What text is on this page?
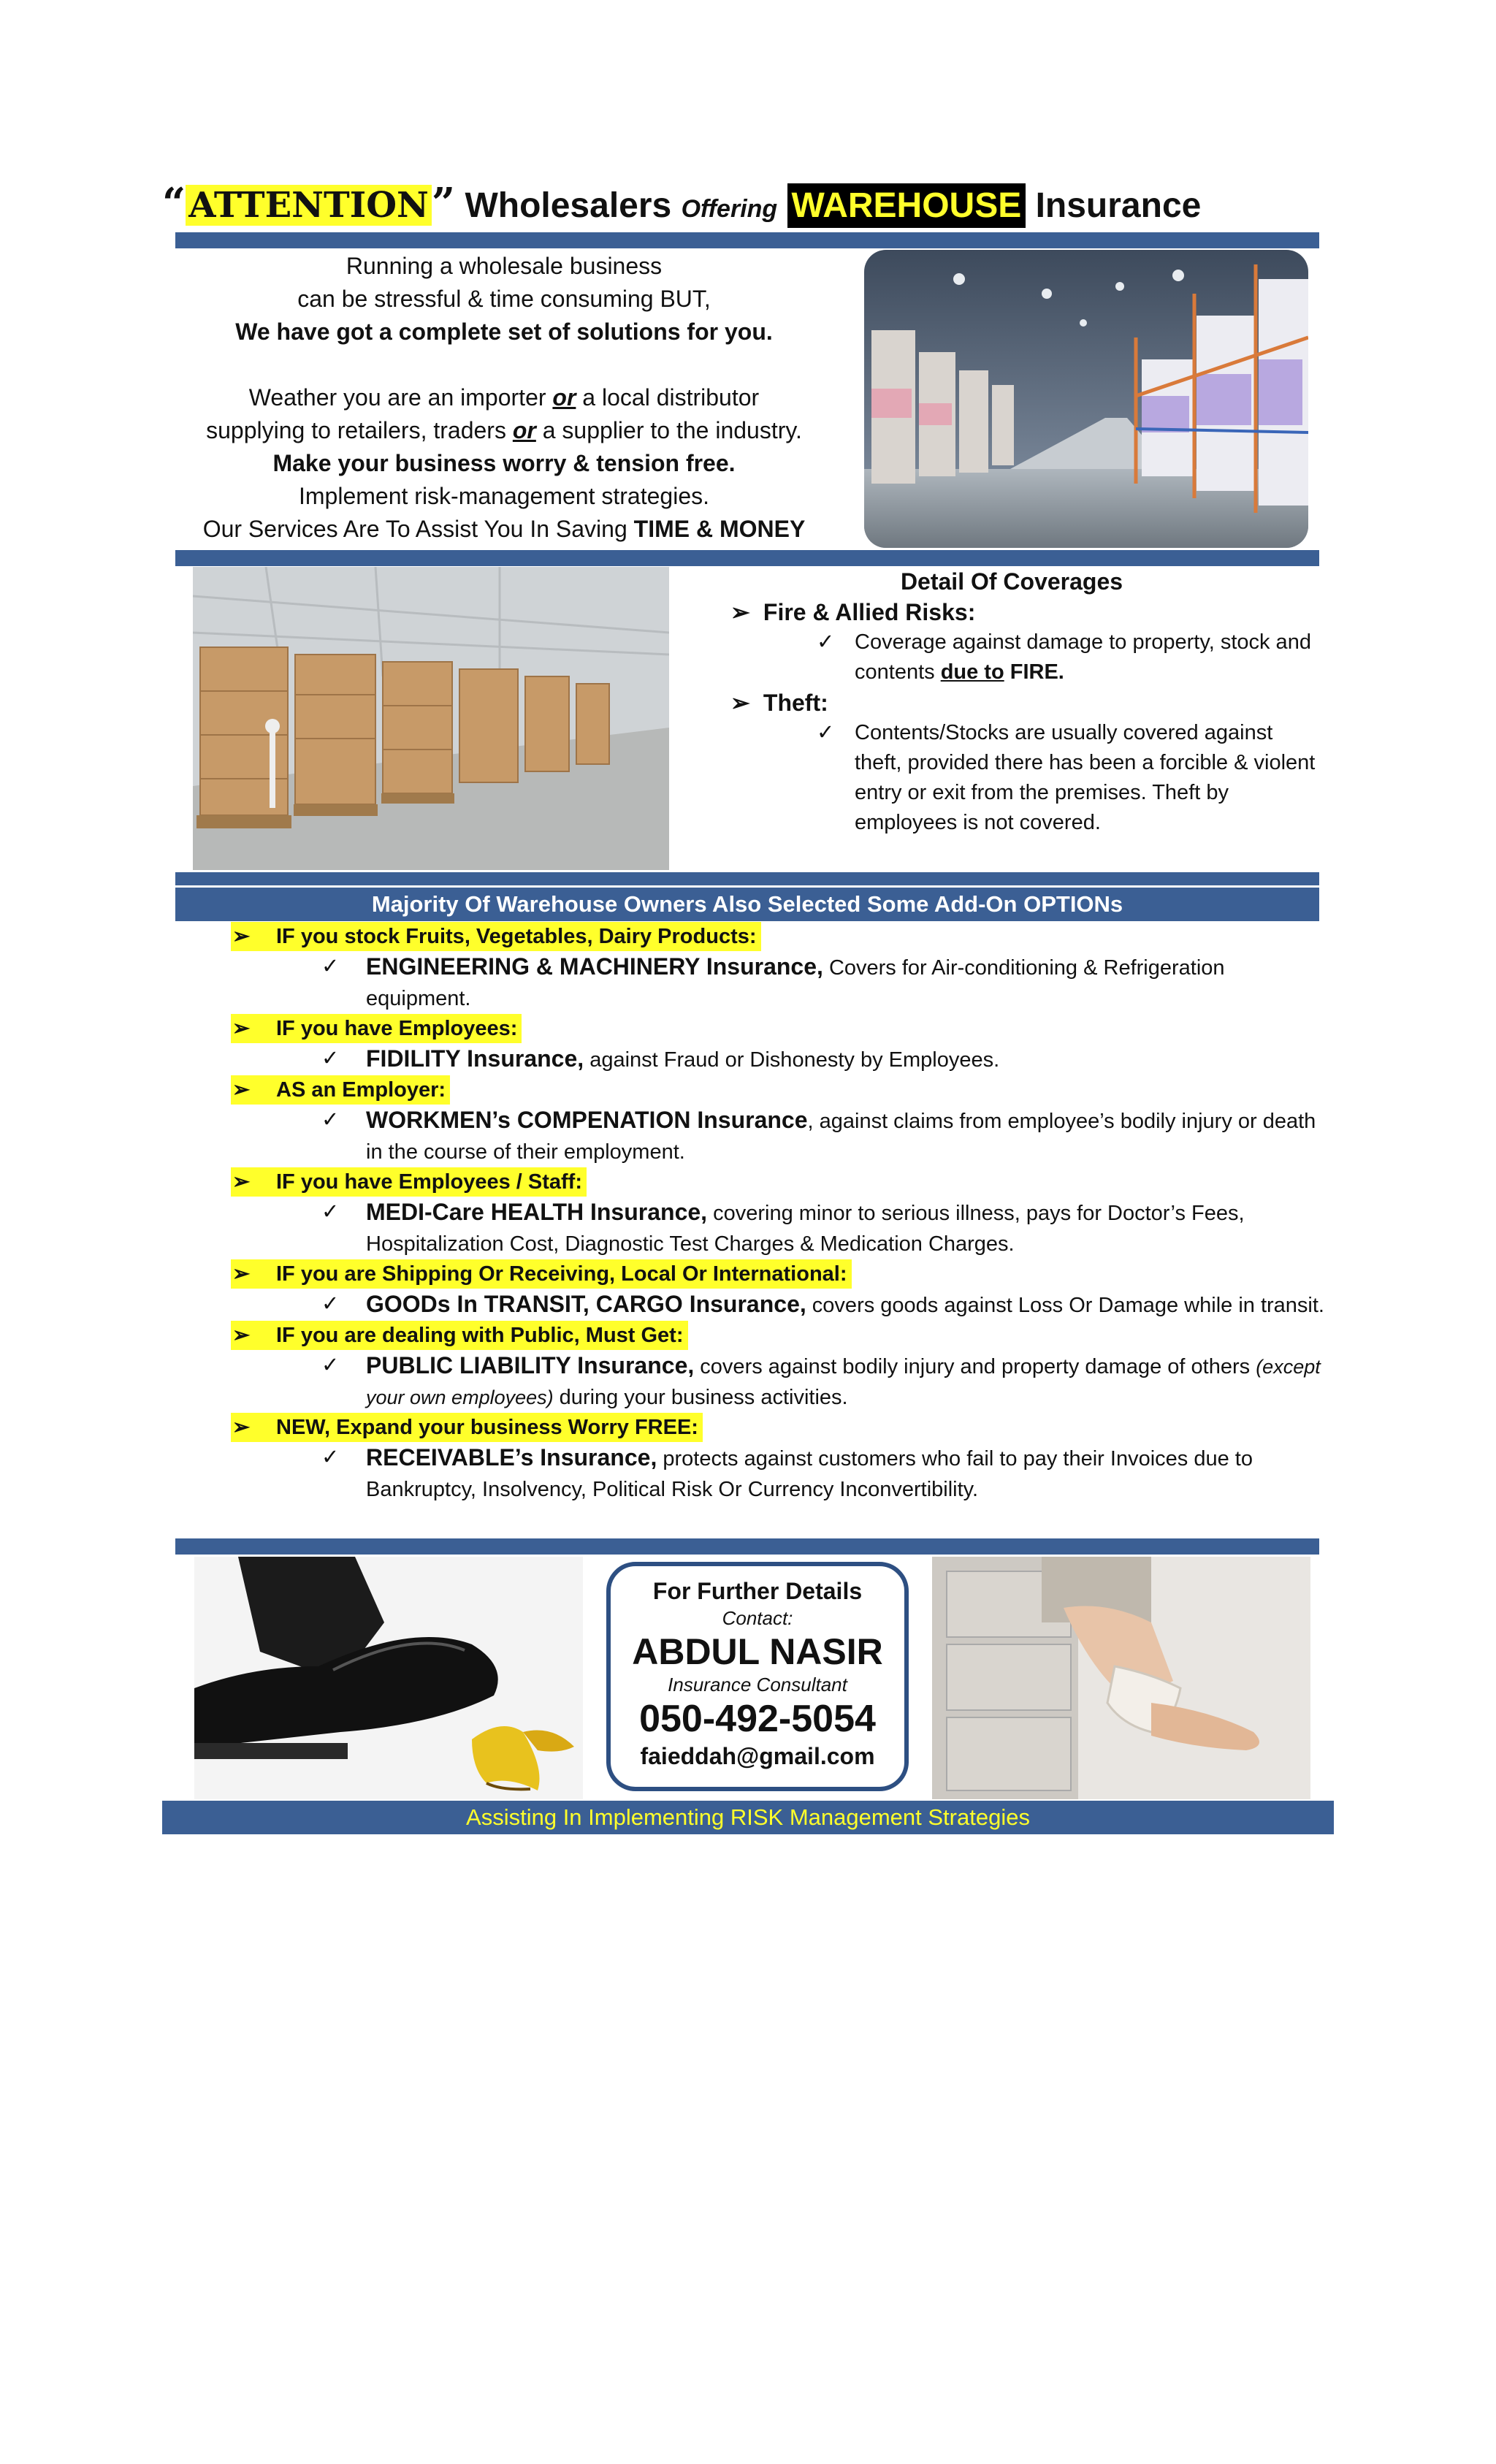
“ATTENTION” Wholesalers Offering WAREHOUSE Insurance

Running a wholesale business

can be stressful & time consuming BUT,

We have got a complete set of solutions for you.

Weather you are an importer or a local distributor

supplying to retailers, traders or a supplier to the industry.

Make your business worry & tension free.

Implement risk-management strategies.

Our Services Are To Assist You In Saving TIME & MONEY

Detail Of Coverages
➢ Fire & Allied Risks:
✓ Coverage against damage to property, stock and contents due to FIRE.
➢ Theft:
✓ Contents/Stocks are usually covered against theft, provided there has been a forcible & violent entry or exit from the premises. Theft by employees is not covered.
Majority Of Warehouse Owners Also Selected Some Add-On OPTIONs
➢ IF you stock Fruits, Vegetables, Dairy Products:
✓ ENGINEERING & MACHINERY Insurance, Covers for Air-conditioning & Refrigeration equipment.
➢ IF you have Employees:
✓ FIDILITY Insurance, against Fraud or Dishonesty by Employees.
➢ AS an Employer:
✓ WORKMEN’s COMPENATION Insurance, against claims from employee’s bodily injury or death in the course of their employment.
➢ IF you have Employees / Staff:
✓ MEDI-Care HEALTH Insurance, covering minor to serious illness, pays for Doctor’s Fees, Hospitalization Cost, Diagnostic Test Charges & Medication Charges.
➢ IF you are Shipping Or Receiving, Local Or International:
✓ GOODs In TRANSIT, CARGO Insurance, covers goods against Loss Or Damage while in transit.
➢ IF you are dealing with Public, Must Get:
✓ PUBLIC LIABILITY Insurance, covers against bodily injury and property damage of others (except your own employees) during your business activities.
➢ NEW, Expand your business Worry FREE:
✓ RECEIVABLE’s Insurance, protects against customers who fail to pay their Invoices due to Bankruptcy, Insolvency, Political Risk Or Currency Inconvertibility.
For Further Details
Contact:
ABDUL NASIR
Insurance Consultant
050-492-5054
faieddah@gmail.com
Assisting In Implementing RISK Management Strategies
